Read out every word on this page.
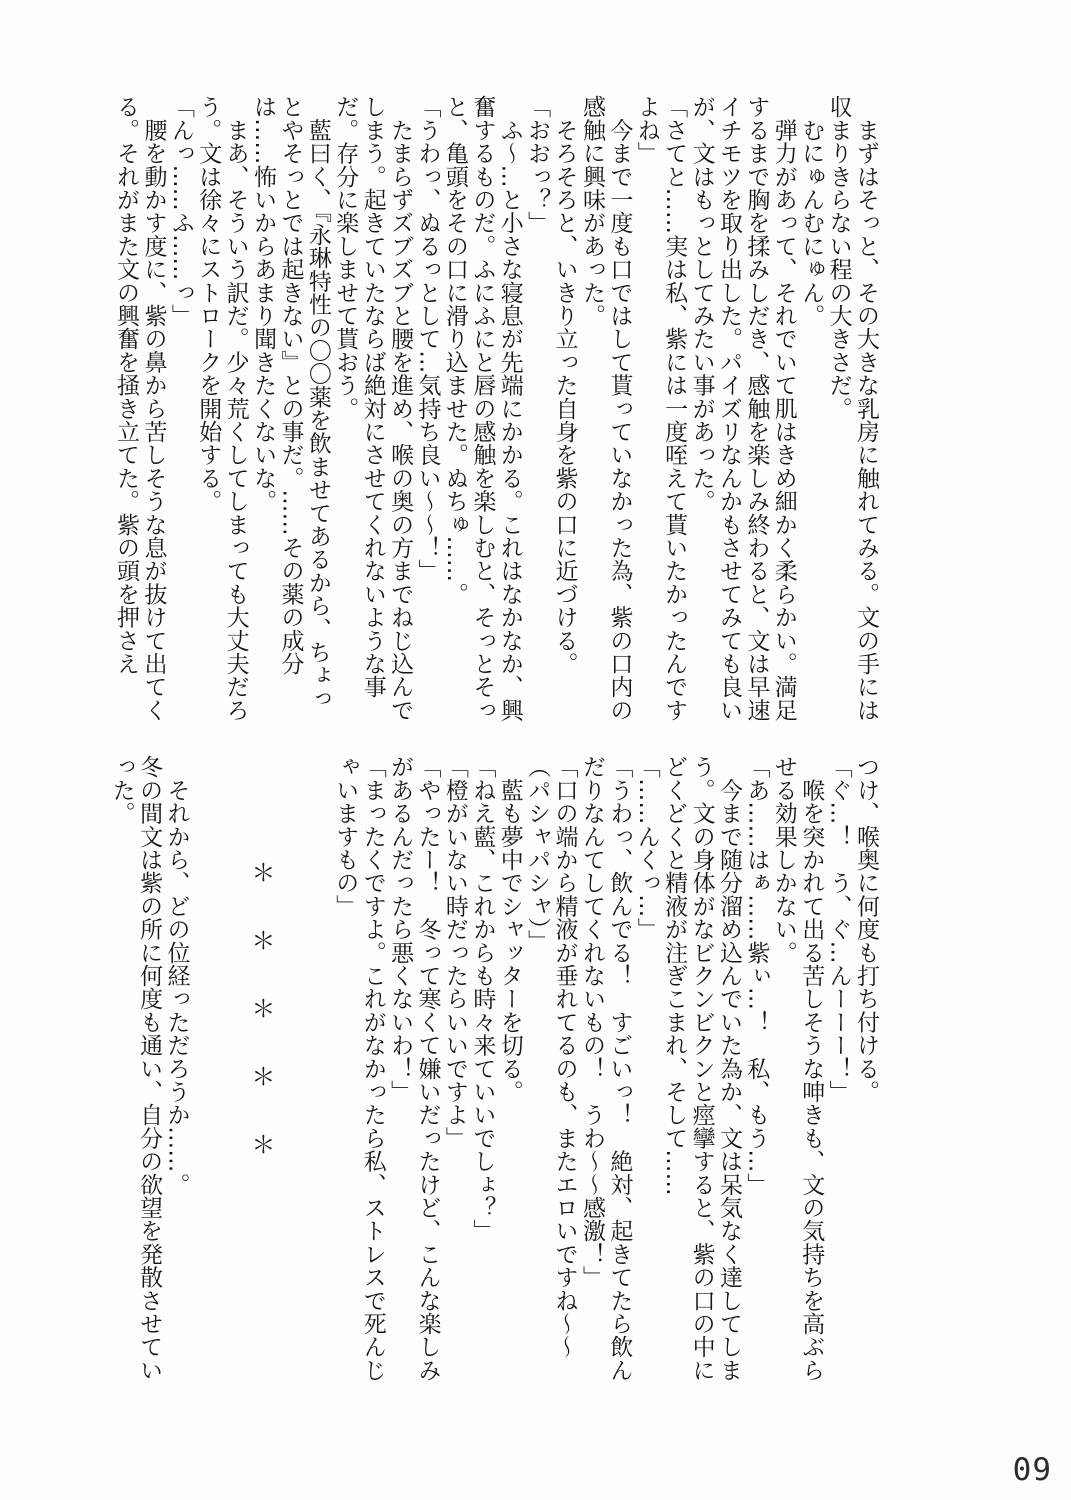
　まずはそっと、その大きな乳房に触れてみる。文の手には収まりきらない程の大きさだ。

　むにゅんむにゅん。

　弾力があって、それでいて肌はきめ細かく柔らかい。満足するまで胸を揉みしだき、感触を楽しみ終わると、文は早速イチモツを取り出した。パイズリなんかもさせてみても良いが、文はもっとしてみたい事があった。

「さてと……実は私、紫には一度咥えて貰いたかったんですよね」

　今まで一度も口ではして貰っていなかった為、紫の口内の感触に興味があった。

　そろそろと、いきり立った自身を紫の口に近づける。

「おおっ？」

　ふ〜…と小さな寝息が先端にかかる。これはなかなか、興奮するものだ。ふにふにと唇の感触を楽しむと、そっとそっと、亀頭をその口に滑り込ませた。ぬちゅ……。

「うわっ、ぬるっとして…気持ち良い〜〜！」

　たまらずズブズブと腰を進め、喉の奥の方までねじ込んでしまう。起きていたならば絶対にさせてくれないような事だ。存分に楽しませて貰おう。

　藍曰く、『永琳特性の〇〇薬を飲ませてあるから、ちょっとやそっとでは起きない』との事だ。……その薬の成分は……怖いからあまり聞きたくないな。

　まあ、そういう訳だ。少々荒くしてしまっても大丈夫だろう。文は徐々にストロークを開始する。

「んっ……ふ……っ」

　腰を動かす度に、紫の鼻から苦しそうな息が抜けて出てくる。それがまた文の興奮を掻き立てた。紫の頭を押さえ

つけ、喉奥に何度も打ち付ける。

「ぐ…！　う、ぐ…んーーー！」

　喉を突かれて出る苦しそうな呻きも、文の気持ちを高ぶらせる効果しかない。

「あ……はぁ……紫ぃ…！　私、もう…」

　今まで随分溜め込んでいた為か、文は呆気なく達してしまう。文の身体がなビクンビクンと痙攣すると、紫の口の中にどくどくと精液が注ぎこまれ、そして……

「……んくっ…」

「うわっ、飲んでる！　すごいっ！　絶対、起きてたら飲んだりなんてしてくれないもの！　うわ〜〜感激！」

「口の端から精液が垂れてるのも、またエロいですね〜〜（パシャパシャ）」

　藍も夢中でシャッターを切る。

「ねえ藍、これからも時々来ていいでしょ？」

「橙がいない時だったらいいですよ」

「やったー！　冬って寒くて嫌いだったけど、こんな楽しみがあるんだったら悪くないわ！」

「まったくですよ。これがなかったら私、ストレスで死んじゃいますもの」

＊　＊　＊　＊　＊

　それから、どの位経っただろうか……。

冬の間文は紫の所に何度も通い、自分の欲望を発散させていった。

09
